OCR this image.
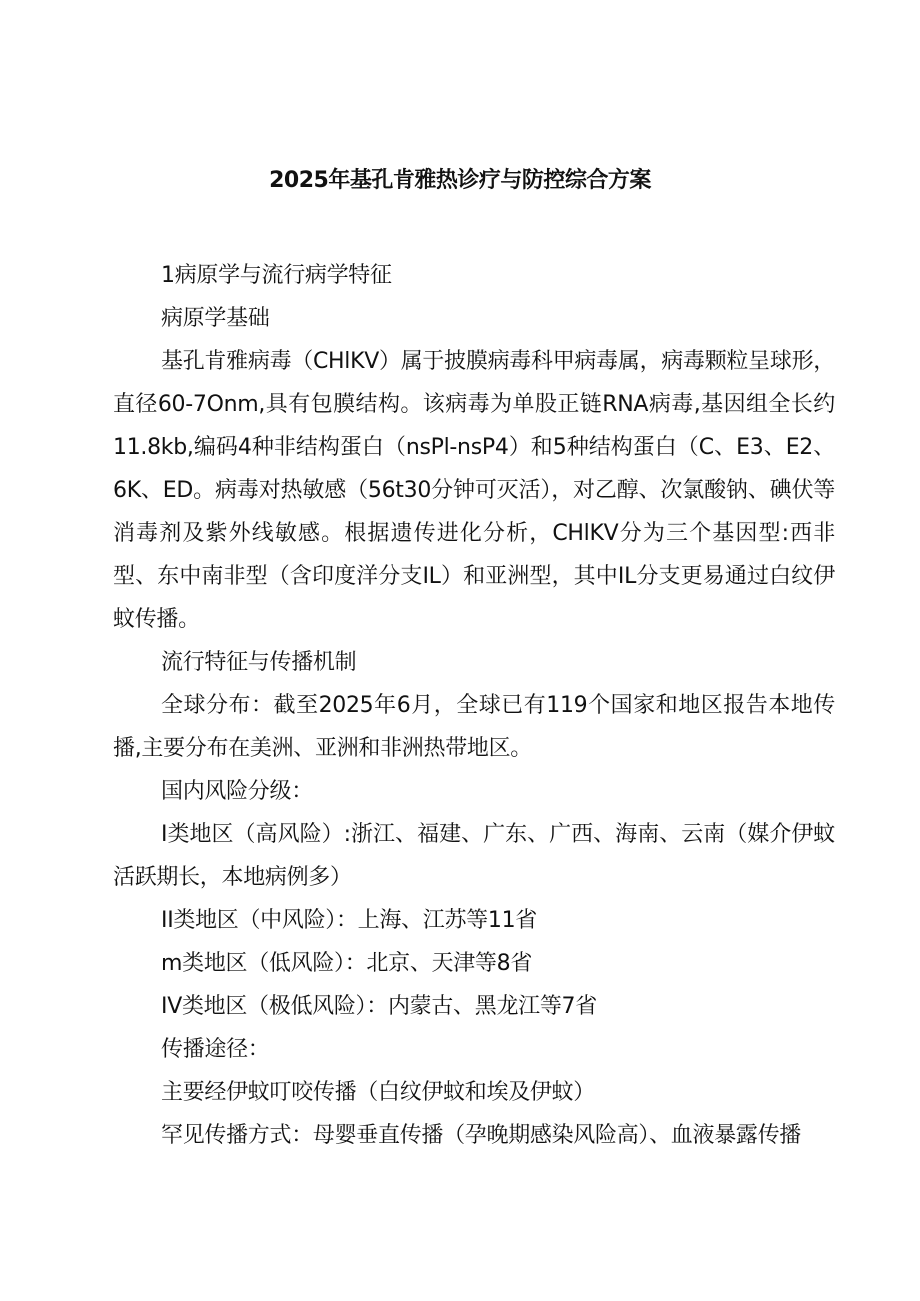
2025年基孔肯雅热诊疗与防控综合方案

1病原学与流行病学特征

病原学基础

基孔肯雅病毒（CHlKV）属于披膜病毒科甲病毒属，病毒颗粒呈球形，直径60-7Onm,具有包膜结构。该病毒为单股正链RNA病毒,基因组全长约11.8kb,编码4种非结构蛋白（nsPl-nsP4）和5种结构蛋白（C、E3、E2、6K、ED。病毒对热敏感（56t30分钟可灭活），对乙醇、次氯酸钠、碘伏等消毒剂及紫外线敏感。根据遗传进化分析，CHlKV分为三个基因型:西非型、东中南非型（含印度洋分支IL）和亚洲型，其中IL分支更易通过白纹伊蚊传播。

流行特征与传播机制

全球分布：截至2025年6月，全球已有119个国家和地区报告本地传播,主要分布在美洲、亚洲和非洲热带地区。

国内风险分级：

I类地区（高风险）:浙江、福建、广东、广西、海南、云南（媒介伊蚊活跃期长，本地病例多）

II类地区（中风险）：上海、江苏等11省

m类地区（低风险）：北京、天津等8省

IV类地区（极低风险）：内蒙古、黑龙江等7省

传播途径：

主要经伊蚊叮咬传播（白纹伊蚊和埃及伊蚊）

罕见传播方式：母婴垂直传播（孕晚期感染风险高）、血液暴露传播
